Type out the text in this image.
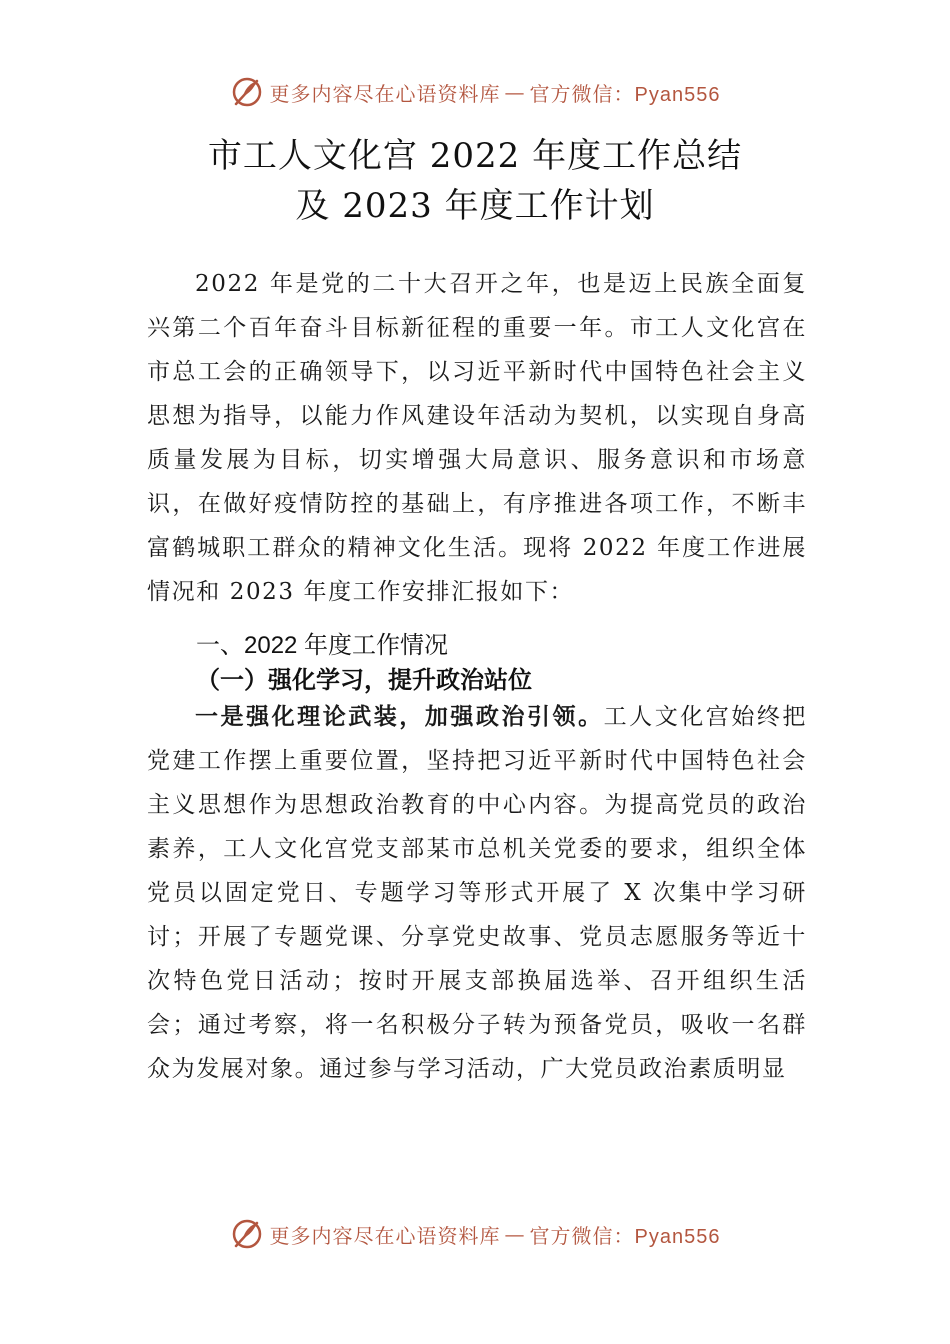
更多内容尽在心语资料库 — 官方微信：Pyan556
市工人文化宫 2022 年度工作总结
及 2023 年度工作计划

2022 年是党的二十大召开之年，也是迈上民族全面复兴第二个百年奋斗目标新征程的重要一年。市工人文化宫在市总工会的正确领导下，以习近平新时代中国特色社会主义思想为指导，以能力作风建设年活动为契机，以实现自身高质量发展为目标，切实增强大局意识、服务意识和市场意识，在做好疫情防控的基础上，有序推进各项工作，不断丰富鹤城职工群众的精神文化生活。现将 2022 年度工作进展情况和 2023 年度工作安排汇报如下：

一、2022 年度工作情况
（一）强化学习，提升政治站位

一是强化理论武装，加强政治引领。工人文化宫始终把党建工作摆上重要位置，坚持把习近平新时代中国特色社会主义思想作为思想政治教育的中心内容。为提高党员的政治素养，工人文化宫党支部某市总机关党委的要求，组织全体党员以固定党日、专题学习等形式开展了 X 次集中学习研讨；开展了专题党课、分享党史故事、党员志愿服务等近十次特色党日活动；按时开展支部换届选举、召开组织生活会；通过考察，将一名积极分子转为预备党员，吸收一名群众为发展对象。通过参与学习活动，广大党员政治素质明显

更多内容尽在心语资料库 — 官方微信：Pyan556
